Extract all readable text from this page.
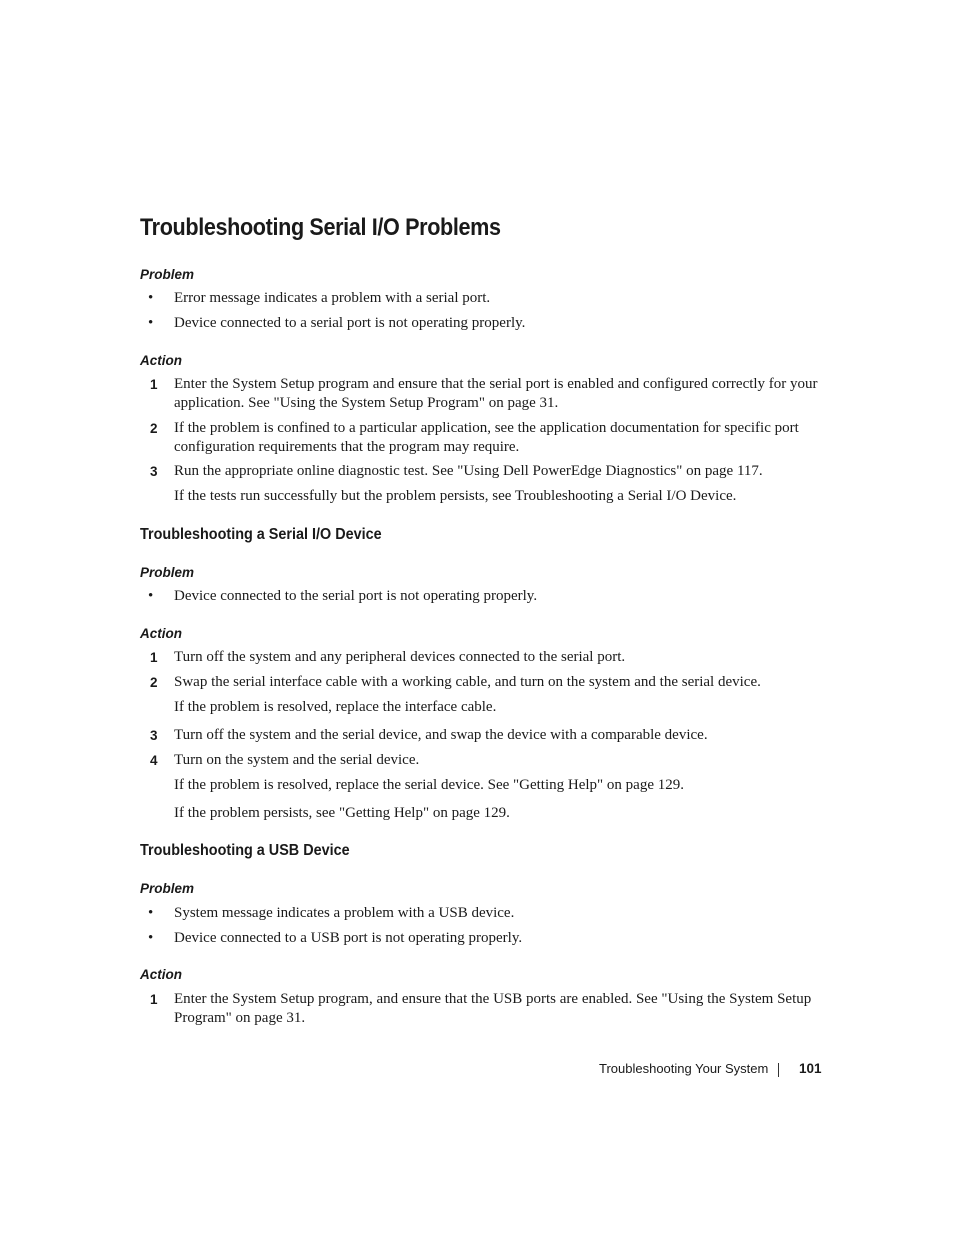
Troubleshooting Serial I/O Problems
Problem
• Error message indicates a problem with a serial port.

• Device connected to a serial port is not operating properly.

Action
1 Enter the System Setup program and ensure that the serial port is enabled and configured correctly for your application. See "Using the System Setup Program" on page 31.

2 If the problem is confined to a particular application, see the application documentation for specific port configuration requirements that the program may require.

3 Run the appropriate online diagnostic test. See "Using Dell PowerEdge Diagnostics" on page 117.

If the tests run successfully but the problem persists, see Troubleshooting a Serial I/O Device.

Troubleshooting a Serial I/O Device
Problem
• Device connected to the serial port is not operating properly.

Action
1 Turn off the system and any peripheral devices connected to the serial port.

2 Swap the serial interface cable with a working cable, and turn on the system and the serial device.

If the problem is resolved, replace the interface cable.

3 Turn off the system and the serial device, and swap the device with a comparable device.

4 Turn on the system and the serial device.

If the problem is resolved, replace the serial device. See "Getting Help" on page 129.

If the problem persists, see "Getting Help" on page 129.

Troubleshooting a USB Device
Problem
• System message indicates a problem with a USB device.

• Device connected to a USB port is not operating properly.

Action
1 Enter the System Setup program, and ensure that the USB ports are enabled. See "Using the System Setup Program" on page 31.

Troubleshooting Your System 101
